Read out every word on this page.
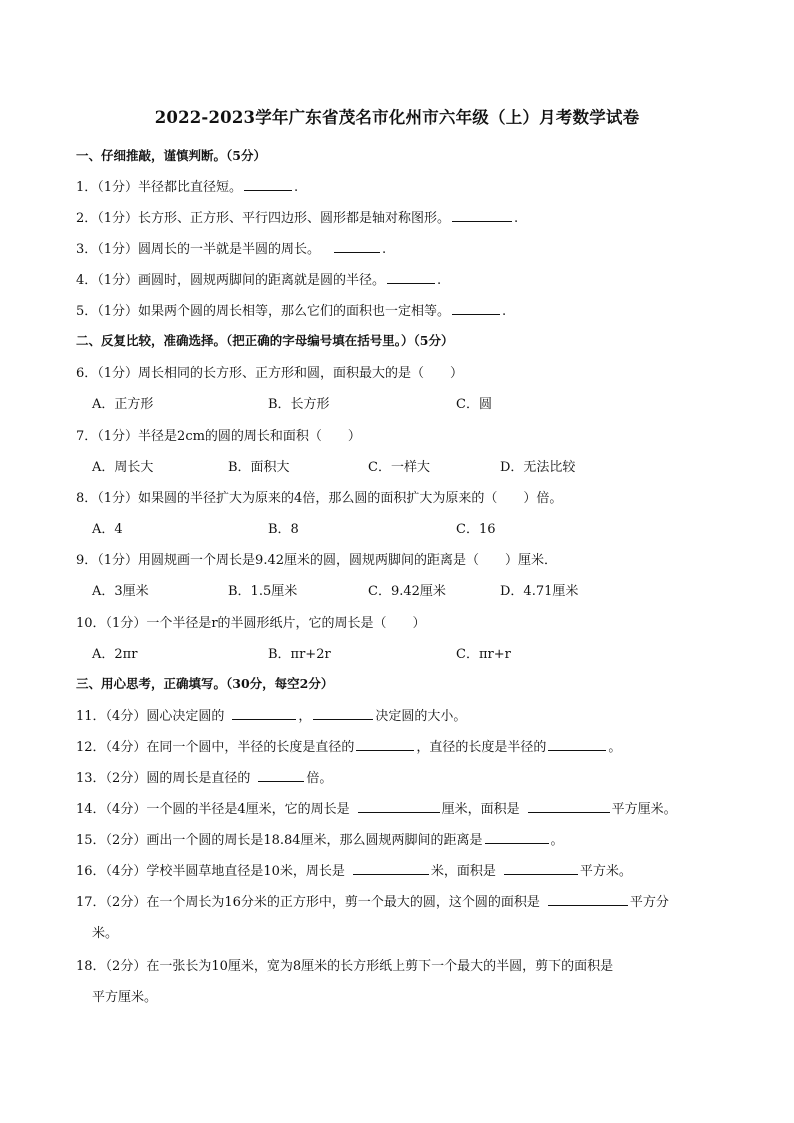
2022-2023学年广东省茂名市化州市六年级（上）月考数学试卷
一、仔细推敲，谨慎判断。（5分）
1．（1分）半径都比直径短。	.
2．（1分）长方形、正方形、平行四边形、圆形都是轴对称图形。	.
3．（1分）圆周长的一半就是半圆的周长。	.
4．（1分）画圆时，圆规两脚间的距离就是圆的半径。	.
5．（1分）如果两个圆的周长相等，那么它们的面积也一定相等。	.
二、反复比较，准确选择。（把正确的字母编号填在括号里。）（5分）
6．（1分）周长相同的长方形、正方形和圆，面积最大的是（　　）
A．正方形	B．长方形	C．圆
7．（1分）半径是2cm的圆的周长和面积（　　）
A．周长大	B．面积大	C．一样大	D．无法比较
8．（1分）如果圆的半径扩大为原来的4倍，那么圆的面积扩大为原来的（　　）倍。
A．4	B．8	C．16
9．（1分）用圆规画一个周长是9.42厘米的圆，圆规两脚间的距离是（　　）厘米．
A．3厘米	B．1.5厘米	C．9.42厘米	D．4.71厘米
10．（1分）一个半径是r的半圆形纸片，它的周长是（　　）
A．2πr	B．πr+2r	C．πr+r
三、用心思考，正确填写。（30分，每空2分）
11．（4分）圆心决定圆的	，	决定圆的大小。
12．（4分）在同一个圆中，半径的长度是直径的	，直径的长度是半径的	。
13．（2分）圆的周长是直径的	倍。
14．（4分）一个圆的半径是4厘米，它的周长是	厘米，面积是	平方厘米。
15．（2分）画出一个圆的周长是18.84厘米，那么圆规两脚间的距离是	。
16．（4分）学校半圆草地直径是10米，周长是	米，面积是	平方米。
17．（2分）在一个周长为16分米的正方形中，剪一个最大的圆，这个圆的面积是	平方分
米。
18．（2分）在一张长为10厘米，宽为8厘米的长方形纸上剪下一个最大的半圆，剪下的面积是
平方厘米。
